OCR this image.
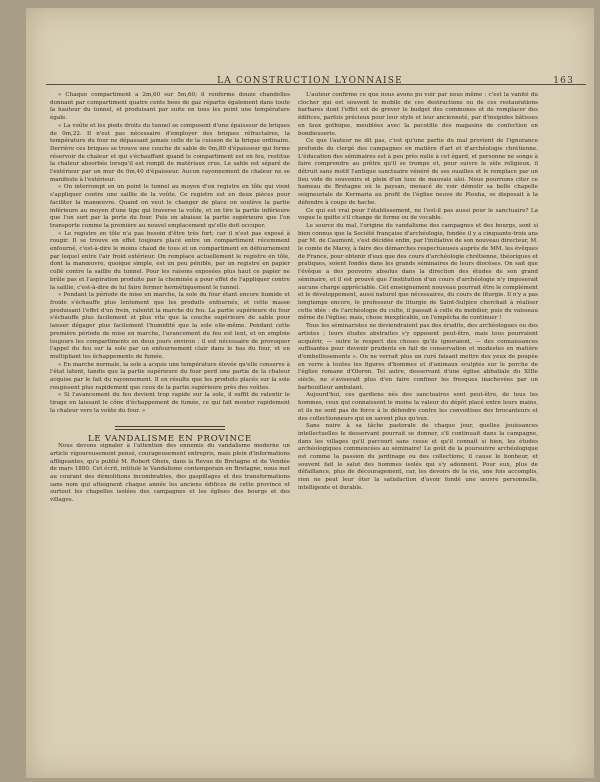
LA CONSTRUCTION LYONNAISE	163

« Chaque compartiment a 2m,60 sur 5m,60; il renferme douze chandelles donnant par compartiment quatre cents bees de gaz répartis également dans toute la hauteur du tunnel, et produisant par suite en tous les point une température égale.

« La voûte et les pieds droits du tunnel se composent d'une épaisseur de briques de 0m,22. Il n'est pas nécessaire d'employer des briques réfractaires, la température du four ne dépassant jamais celle de la cuisson de la brique ordinaire. Derrière ces briques se trouve une couche de sable de 0m,80 d'épaisseur qui forme réservoir de chaleur et qui s'échauffant quand le compartiment est en feu, restitue la chaleur absorbée lorsqu'il est rempli de matériaux crus. Le sable est séparé de l'extérieur par un mur de 0m,40 d'épaisseur. Aucun rayonnement de chaleur ne se manifeste à l'extérieur.

« On interrompt en un point le tunnel au moyen d'un registre en tôle qui vient s'appliquer contre une saillie de la voûte. Ce registre est en deux pièces pour faciliter la manœuvre. Quand on veut le changer de place on soulève la partie inférieure au moyen d'une tige qui traverse la voûte, et on tire la partie inférieure que l'on sort par la porte du four. Puis on abaisse la partie supérieure que l'on transporte comme la première au nouvel emplacement qu'elle doit occuper.

« Le registre en tôle n'a pas besoin d'être très fort; car il n'est pas exposé à rougir. Il se trouve en effet toujours placé entre un compartiment récemment enfourné, c'est-à-dire le moins chaud de tous et un compartiment en défournement par lequel entre l'air froid extérieur. On remplace actuellement le registre en tôle, dont la manœuvre, quoique simple, est un peu pénible, par un registre en papier collé contre la saillie du tunnel. Pour les raisons exposées plus haut ce papier ne brûle pas et l'aspiration produite par la cheminée a pour effet de l'appliquer contre la saillie, c'est-à-dire de lui faire fermer hermétiquement le tunnel.

« Pendant la période de mise en marche, la sole du four étant encore humide et froide s'échauffe plus lentement que les produits enfournés, et cette masse produisant l'effet d'un frein, ralentit la marche du feu. La partie supérieure du four s'échauffe plus facilement et plus vite que la couche supérieure de sable pour laisser dégager plus facilement l'humidité que la sole elle-même. Pendant cette première période de mise en marche, l'avancement du feu est lent, et on emploie toujours les compartiments en deux jours environ : il est nécessaire de provoquer l'appel du feu sur la sole par un enfournement clair dans le bas du four, et en multipliant les échappements de fumée.

« En marche normale, la sole a acquis une température élevée qu'elle conserve à l'état latent, tandis que la partie supérieure du four perd une partie de la chaleur acquise par le fait du rayonnement. Il en résulte que les produits placés sur la sole rougissent plus rapidement que ceux de la partie supérieure près des voûtes.

« Si l'avancement du feu devient trop rapide sur la sole, il suffit de ralentir le tirage en laissant le cône d'échappement de fumée, ce qui fait monter rapidement la chaleur vers la voûte du four. »

LE VANDALISME EN PROVINCE

Nous devons signaler à l'attention des ennemis du vandalisme moderne un article vigoureusement pensé, courageusement entrepris, mais plein d'informations affligeantes, qu'a publié M. Robert Oheix, dans la Revue de Bretagne et de Vendée de mars 1880. Cet écrit, intitulé le Vandalisme contemporain en Bretagne, nous met au courant des démolitions incombrables, des gaspillages et des transformations sans nom qui atteignent chaque année les anciens édifices de cette province et surtout les chapelles isolées des campagnes et les églises des bourgs et des villages.

L'auteur confirme ce que nous avons pu voir par nous même : c'est la vanité du clocher qui est souvent le mobile de ces destructions ou de ces restaurations barbares dont l'effet est de grever le budget des communes et de remplacer des édifices, parfois précieux pour leur style et leur ancienneté, par d'insipides bâtisses en faux gothique, meublées avec la pacotille des magasins de confection en bondieuserie.

Ce que l'auteur ne dit pas, c'est qu'une partie du mal provient de l'ignorance profonde du clergé des campagnes en matière d'art et d'archéologie chrétienne. L'éducation des séminaires est à peu près nulle à cet égard, et personne ne songe à faire comprendre au prêtre qu'il se trompe et, pour suivre le zèle religieux, il détruit sans motif l'antique sanctuaire vénéré de ses ouailles et le remplace par un lieu vide de souvenirs et plein d'un luxe de mauvais aloi. Nous pourrions citer ce hameau de Bretagne où le paysan, menacé de voir démolir sa belle chapelle seigneuriale de Kermaria au profit de l'église neuve de Plouha, se disposait à la défendre à coups de hache.

Ce qui est vrai pour l'établissement, ne l'est-il pas aussi pour le sanctuaire? La vogue le quitte s'il change de forme ou de vocable.

Le source du mal, l'origine du vandalisme des campagnes et des bourgs, sont si bien connus que la Société française d'archéologie, fondée il y a cinquante-trois ans par M. de Caumont, s'est décidée enfin, par l'initiative de son nouveau directeur, M. le comte de Marsy, à faire des démarches respectueuses auprès de MM. les évêques de France, pour obtenir d'eux que des cours d'archéologie chrétienne, théoriques et pratiques, soient fondés dans les grands séminaires de leurs diocèses. On sait que l'évêque a des pouvoirs absolus dans la direction des études de son grand séminaire, et il est prouvé que l'institution d'un cours d'archéologie n'y imposerait aucune charge appréciable. Cet enseignement nouveau pourrait être le complément et le développement, aussi naturel que nécessaires, du cours de liturgie. Il n'y a pas longtemps encore, le professeur de liturgie de Saint-Sulpice cherchait à réaliser cette idée : de l'archéologie du culte, il passait à celle du mobilier, puis du vaisseau même de l'église; mais, chose inexplicable, on l'empêcha de continuer !

Tous les séminaristes ne deviendraient pas des érudits, des archéologues ou des artistes ; leurs études abstraites s'y opposent peut-être, mais tous pourraient acquérir, — outre le respect des choses qu'ils ignoraient, — des connaissances suffisantes pour devenir prudents en fait de conservation et modestes en matière d'embellissements ». On ne verrait plus un curé faisant mettre des yeux de poupée en verre à toutes les figures d'hommes et d'animaux sculptés sur le porche de l'église romane d'Oloron. Tel autre, desservant d'une église abbatiale du XIIIe siècle, ne s'aviserait plus d'en faire confiner les fresques inachevées par un barbouilleur ambulant.

Aujourd'hui, ces gardiens nés des sanctuaires sont peut-être, de tous les hommes, ceux qui connaissent le moins la valeur du dépôt placé entre leurs mains, et ils ne sont pas de force à le défendre contre les convoitises des brocanteurs et des collectionneurs qui en savent plus qu'eux.

Sans nuire à sa tâche pastorale de chaque jour, quelles jouissances intellectuelles le desservant pourrait se donner, s'il continuait dans la campagne, dans les villages qu'il parcourt sans cesse et qu'il connaît si bien, les études archéologiques commencées au séminaire! Le goût de la poursuivre archéologique est comme la passion du jardinage ou des collections; il cause le bonheur, et souvent fait le salut des hommes isolés qui s'y adonnent. Pour eux, plus de défaillance, plus de découragement, car, les devoirs de la vie, une fois accomplis, rien ne peut leur ôter la satisfaction d'avoir fondé une œuvre personnelle, intelligente et durable.
